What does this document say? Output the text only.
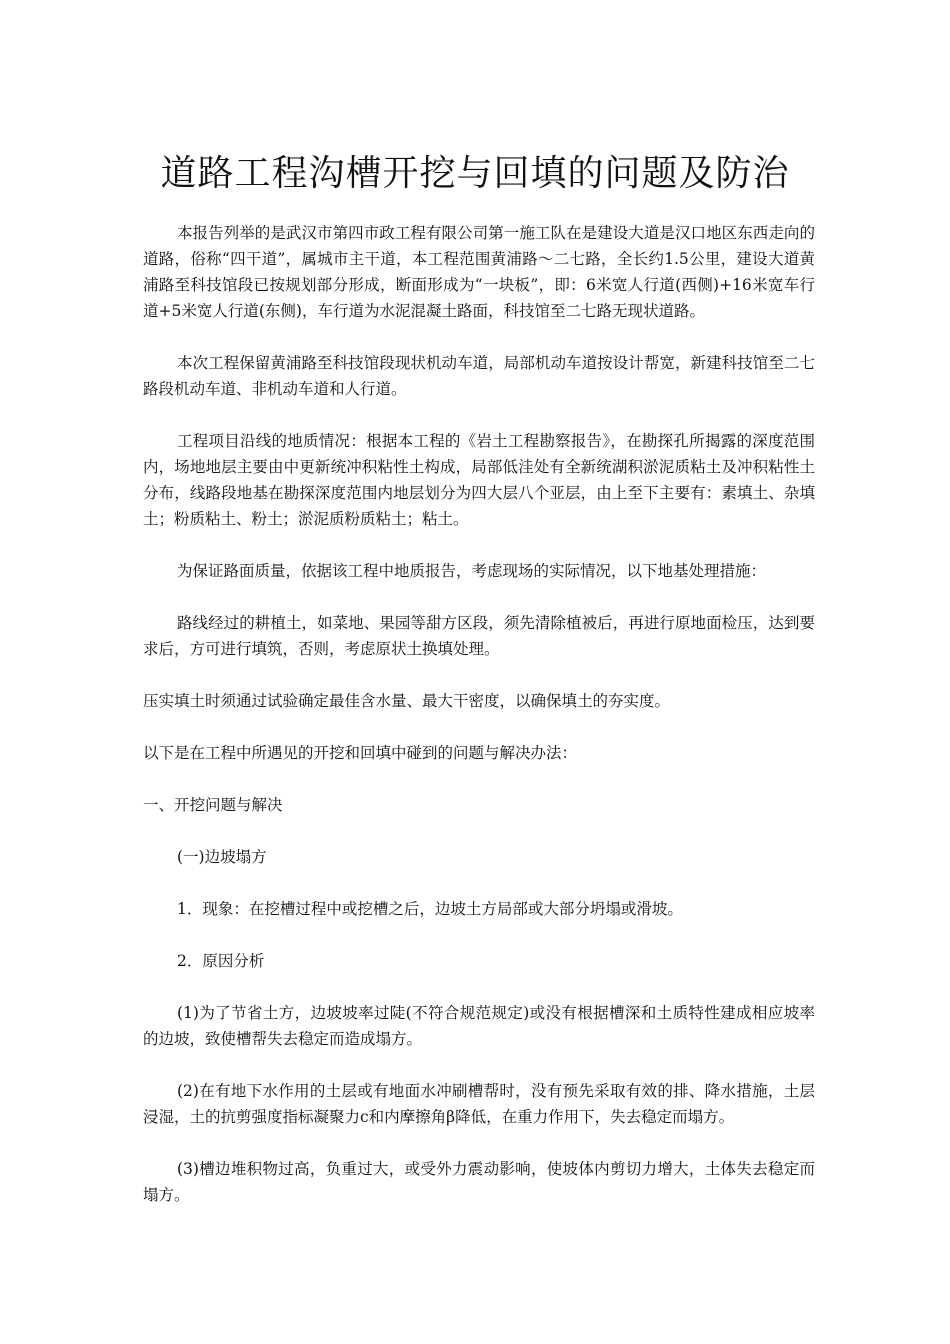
道路工程沟槽开挖与回填的问题及防治

本报告列举的是武汉市第四市政工程有限公司第一施工队在是建设大道是汉口地区东西走向的道路，俗称“四干道”，属城市主干道，本工程范围黄浦路～二七路，全长约1.5公里，建设大道黄浦路至科技馆段已按规划部分形成，断面形成为“一块板”，即：6米宽人行道(西侧)+16米宽车行道+5米宽人行道(东侧)，车行道为水泥混凝土路面，科技馆至二七路无现状道路。

本次工程保留黄浦路至科技馆段现状机动车道，局部机动车道按设计帮宽，新建科技馆至二七路段机动车道、非机动车道和人行道。

工程项目沿线的地质情况：根据本工程的《岩土工程勘察报告》，在勘探孔所揭露的深度范围内，场地地层主要由中更新统冲积粘性土构成，局部低洼处有全新统湖积淤泥质粘土及冲积粘性土分布，线路段地基在勘探深度范围内地层划分为四大层八个亚层，由上至下主要有：素填土、杂填土；粉质粘土、粉土；淤泥质粉质粘土；粘土。

为保证路面质量，依据该工程中地质报告，考虑现场的实际情况，以下地基处理措施：

路线经过的耕植土，如菜地、果园等甜方区段，须先清除植被后，再进行原地面检压，达到要求后，方可进行填筑，否则，考虑原状土换填处理。

压实填土时须通过试验确定最佳含水量、最大干密度，以确保填土的夯实度。

以下是在工程中所遇见的开挖和回填中碰到的问题与解决办法：

一、开挖问题与解决

(一)边坡塌方

1．现象：在挖槽过程中或挖槽之后，边坡土方局部或大部分坍塌或滑坡。

2．原因分析

(1)为了节省土方，边坡坡率过陡(不符合规范规定)或没有根据槽深和土质特性建成相应坡率的边坡，致使槽帮失去稳定而造成塌方。

(2)在有地下水作用的土层或有地面水冲刷槽帮时，没有预先采取有效的排、降水措施，土层浸湿，土的抗剪强度指标凝聚力c和内摩擦角β降低，在重力作用下，失去稳定而塌方。

(3)槽边堆积物过高，负重过大，或受外力震动影响，使坡体内剪切力增大，土体失去稳定而塌方。
